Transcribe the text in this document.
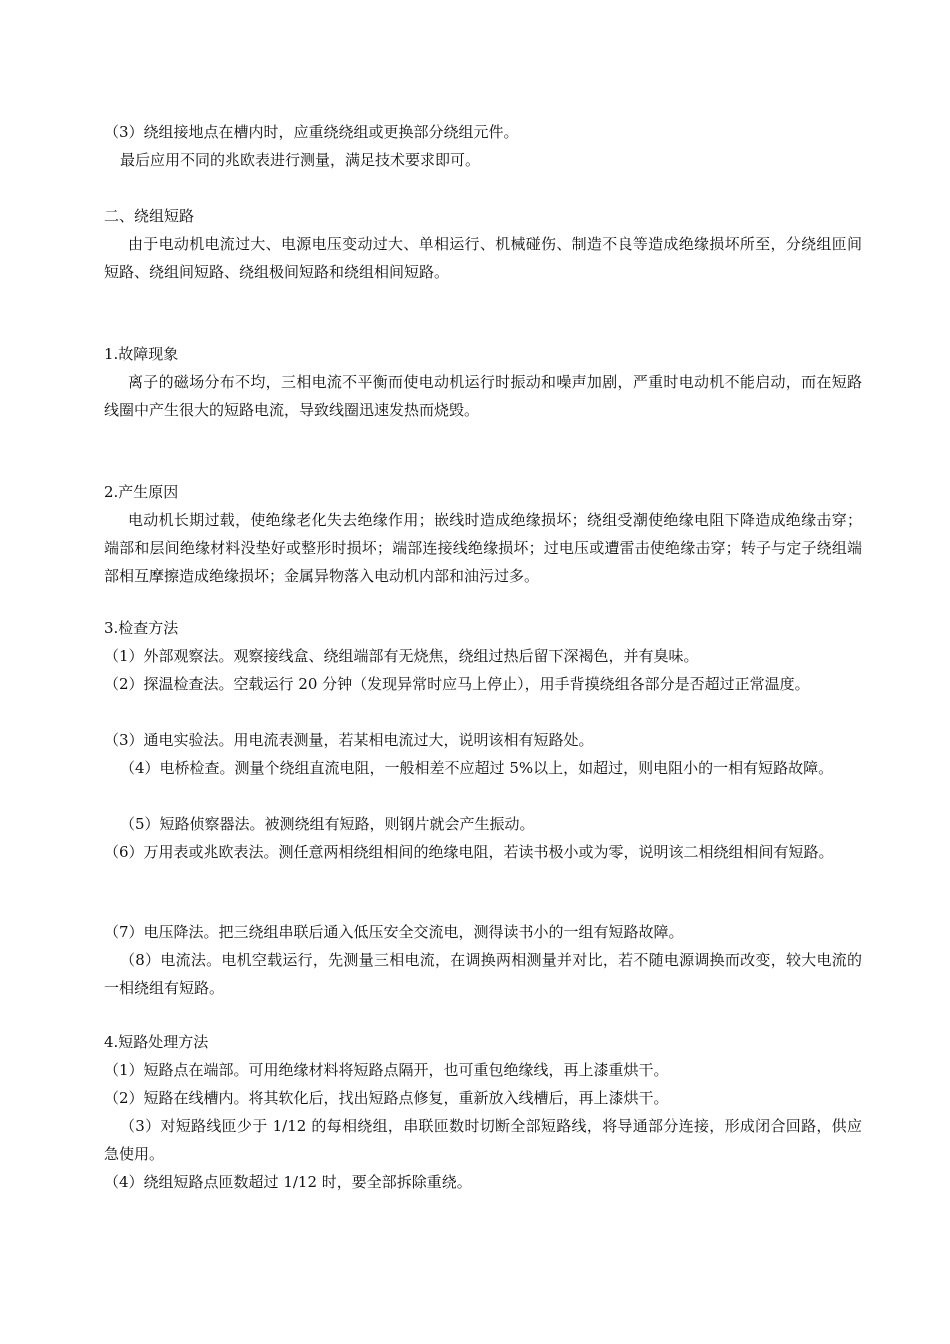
（3）绕组接地点在槽内时，应重绕绕组或更换部分绕组元件。
最后应用不同的兆欧表进行测量，满足技术要求即可。
二、绕组短路
由于电动机电流过大、电源电压变动过大、单相运行、机械碰伤、制造不良等造成绝缘损坏所至，分绕组匝间短路、绕组间短路、绕组极间短路和绕组相间短路。
1.故障现象
离子的磁场分布不均，三相电流不平衡而使电动机运行时振动和噪声加剧，严重时电动机不能启动，而在短路线圈中产生很大的短路电流，导致线圈迅速发热而烧毁。
2.产生原因
电动机长期过载，使绝缘老化失去绝缘作用；嵌线时造成绝缘损坏；绕组受潮使绝缘电阻下降造成绝缘击穿；端部和层间绝缘材料没垫好或整形时损坏；端部连接线绝缘损坏；过电压或遭雷击使绝缘击穿；转子与定子绕组端部相互摩擦造成绝缘损坏；金属异物落入电动机内部和油污过多。
3.检查方法
（1）外部观察法。观察接线盒、绕组端部有无烧焦，绕组过热后留下深褐色，并有臭味。
（2）探温检查法。空载运行 20 分钟（发现异常时应马上停止），用手背摸绕组各部分是否超过正常温度。
（3）通电实验法。用电流表测量，若某相电流过大，说明该相有短路处。
（4）电桥检查。测量个绕组直流电阻，一般相差不应超过 5%以上，如超过，则电阻小的一相有短路故障。
（5）短路侦察器法。被测绕组有短路，则钢片就会产生振动。
（6）万用表或兆欧表法。测任意两相绕组相间的绝缘电阻，若读书极小或为零，说明该二相绕组相间有短路。
（7）电压降法。把三绕组串联后通入低压安全交流电，测得读书小的一组有短路故障。
（8）电流法。电机空载运行，先测量三相电流，在调换两相测量并对比，若不随电源调换而改变，较大电流的一相绕组有短路。
4.短路处理方法
（1）短路点在端部。可用绝缘材料将短路点隔开，也可重包绝缘线，再上漆重烘干。
（2）短路在线槽内。将其软化后，找出短路点修复，重新放入线槽后，再上漆烘干。
（3）对短路线匝少于 1/12 的每相绕组，串联匝数时切断全部短路线，将导通部分连接，形成闭合回路，供应急使用。
（4）绕组短路点匝数超过 1/12 时，要全部拆除重绕。
